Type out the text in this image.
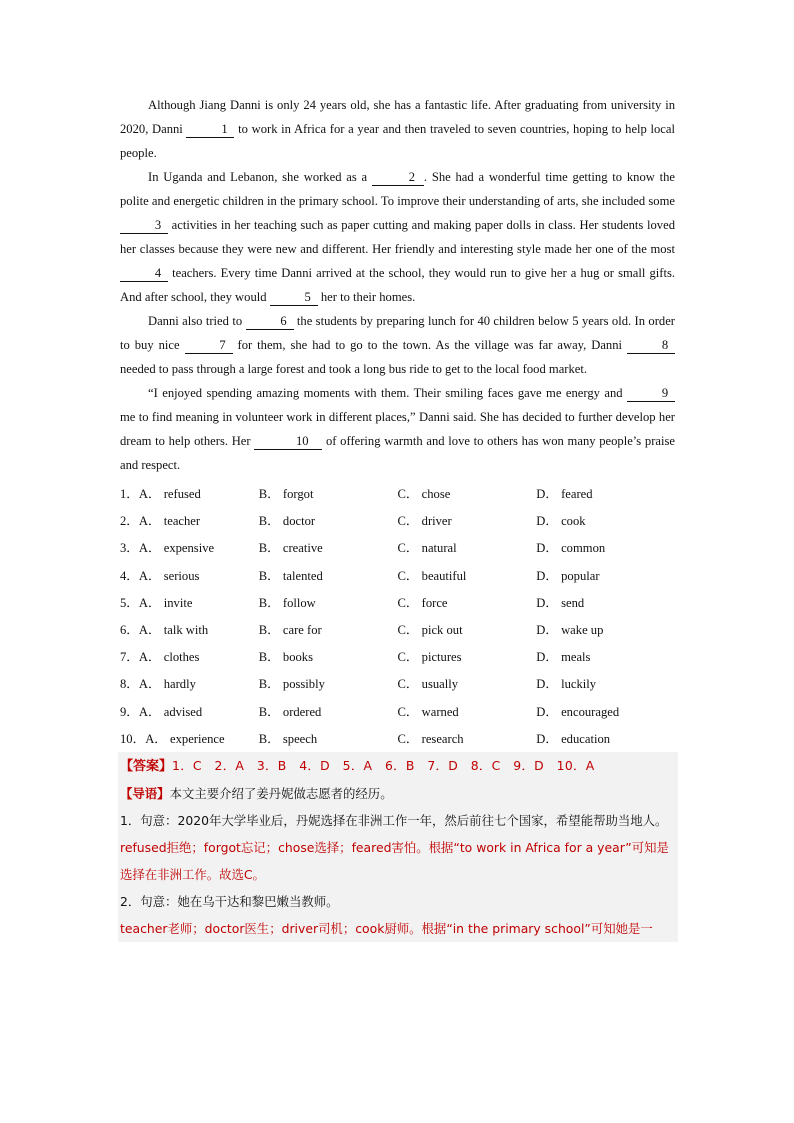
Although Jiang Danni is only 24 years old, she has a fantastic life. After graduating from university in 2020, Danni	1 to work in Africa for a year and then traveled to seven countries, hoping to help local people.

In Uganda and Lebanon, she worked as a	2 . She had a wonderful time getting to know the polite and energetic children in the primary school. To improve their understanding of arts, she included some 3 activities in her teaching such as paper cutting and making paper dolls in class. Her students loved her classes because they were new and different. Her friendly and interesting style made her one of the most 4 teachers. Every time Danni arrived at the school, they would run to give her a hug or small gifts. And after school, they would	5 her to their homes.

Danni also tried to	6 the students by preparing lunch for 40 children below 5 years old. In order to buy nice	7 for them, she had to go to the town. As the village was far away, Danni	8 needed to pass through a large forest and took a long bus ride to get to the local food market.

“I enjoyed spending amazing moments with them. Their smiling faces gave me energy and	9 me to find meaning in volunteer work in different places,” Danni said. She has decided to further develop her dream to help others. Her	10 of offering warmth and love to others has won many people’s praise and respect.

1．A． refused	B． forgot	C． chose	D． feared
2．A． teacher	B． doctor	C． driver	D． cook
3．A． expensive	B． creative	C． natural	D． common
4．A． serious	B． talented	C． beautiful	D． popular
5．A． invite	B． follow	C． force	D． send
6．A． talk with	B． care for	C． pick out	D． wake up
7．A． clothes	B． books	C． pictures	D． meals
8．A． hardly	B． possibly	C． usually	D． luckily
9．A． advised	B． ordered	C． warned	D． encouraged
10．A． experience	B． speech	C． research	D． education
【答案】1．C　2．A　3．B　4．D　5．A　6．B　7．D　8．C　9．D　10．A
【导语】本文主要介绍了姜丹妮做志愿者的经历。
1．句意：2020年大学毕业后，丹妮选择在非洲工作一年，然后前往七个国家，希望能帮助当地人。
refused拒绝；forgot忘记；chose选择；feared害怕。根据“to work in Africa for a year”可知是选择在非洲工作。故选C。
2．句意：她在乌干达和黎巴嫩当教师。
teacher老师；doctor医生；driver司机；cook厨师。根据“in the primary school”可知她是一
